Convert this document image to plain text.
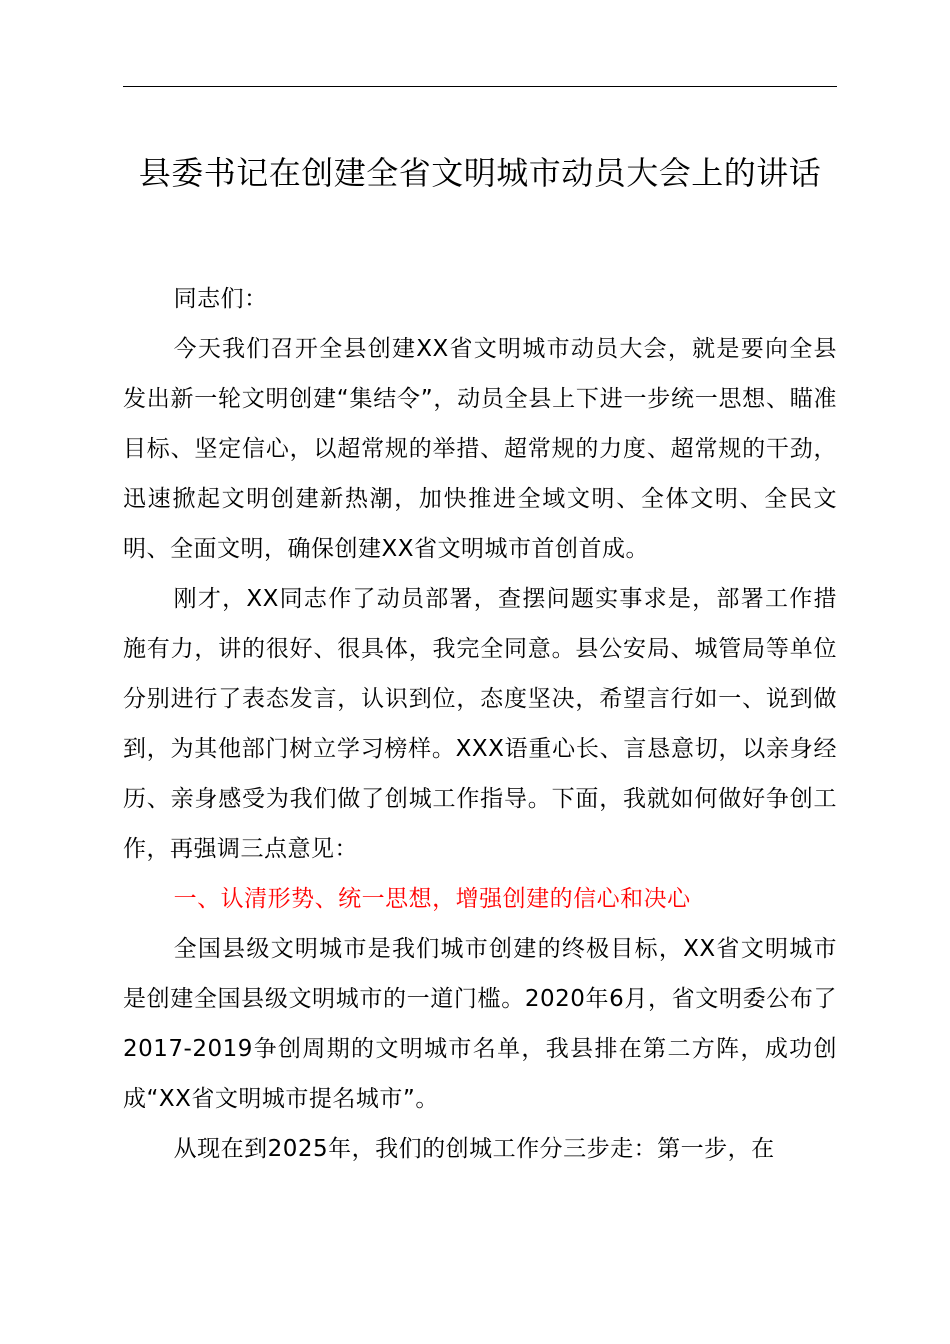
县委书记在创建全省文明城市动员大会上的讲话

同志们：

今天我们召开全县创建XX省文明城市动员大会，就是要向全县发出新一轮文明创建“集结令”，动员全县上下进一步统一思想、瞄准目标、坚定信心，以超常规的举措、超常规的力度、超常规的干劲，迅速掀起文明创建新热潮，加快推进全域文明、全体文明、全民文明、全面文明，确保创建XX省文明城市首创首成。

刚才，XX同志作了动员部署，查摆问题实事求是，部署工作措施有力，讲的很好、很具体，我完全同意。县公安局、城管局等单位分别进行了表态发言，认识到位，态度坚决，希望言行如一、说到做到，为其他部门树立学习榜样。XXX语重心长、言恳意切，以亲身经历、亲身感受为我们做了创城工作指导。下面，我就如何做好争创工作，再强调三点意见：

一、认清形势、统一思想，增强创建的信心和决心

全国县级文明城市是我们城市创建的终极目标，XX省文明城市是创建全国县级文明城市的一道门槛。2020年6月，省文明委公布了2017-2019争创周期的文明城市名单，我县排在第二方阵，成功创成“XX省文明城市提名城市”。

从现在到2025年，我们的创城工作分三步走：第一步，在
